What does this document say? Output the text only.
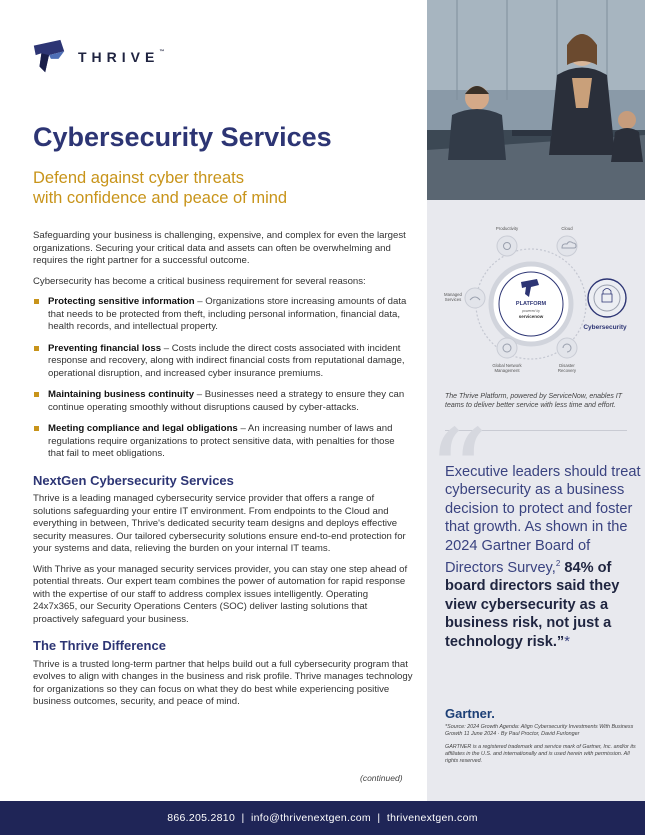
THRIVE™
Cybersecurity Services
Defend against cyber threats
with confidence and peace of mind

Safeguarding your business is challenging, expensive, and complex for even the largest organizations. Securing your critical data and assets can often be overwhelming and requires the right partner for a successful outcome.

Cybersecurity has become a critical business requirement for several reasons:

Protecting sensitive information – Organizations store increasing amounts of data that needs to be protected from theft, including personal information, financial data, health records, and intellectual property.
Preventing financial loss – Costs include the direct costs associated with incident response and recovery, along with indirect financial costs from reputational damage, operational disruption, and increased cyber insurance premiums.
Maintaining business continuity – Businesses need a strategy to ensure they can continue operating smoothly without disruptions caused by cyber-attacks.
Meeting compliance and legal obligations – An increasing number of laws and regulations require organizations to protect sensitive data, with penalties for those that fail to meet obligations.
NextGen Cybersecurity Services

Thrive is a leading managed cybersecurity service provider that offers a range of solutions safeguarding your entire IT environment. From endpoints to the Cloud and everything in between, Thrive's dedicated security team designs and deploys effective security measures. Our tailored cybersecurity solutions ensure end-to-end protection for your systems and data, relieving the burden on your internal IT teams.

With Thrive as your managed security services provider, you can stay one step ahead of potential threats. Our expert team combines the power of automation for rapid response with the expertise of our staff to address complex issues intelligently. Operating 24x7x365, our Security Operations Centers (SOC) deliver lasting solutions that proactively safeguard your business.

The Thrive Difference

Thrive is a trusted long-term partner that helps build out a full cybersecurity program that evolves to align with changes in the business and risk profile. Thrive manages technology for organizations so they can focus on what they do best while experiencing positive business outcomes, security, and peace of mind.

(continued)
PLATFORM
powered by
servicenow
Productivity	Cloud
Managed
Services
Cybersecurity
Global Network
Management
Disaster
Recovery
The Thrive Platform, powered by ServiceNow, enables IT teams to deliver better service with less time and effort.
“
Executive leaders should treat cybersecurity as a business decision to protect and foster that growth. As shown in the 2024 Gartner Board of Directors Survey,$^2$ 84% of board directors said they view cybersecurity as a business risk, not just a technology risk.”*
Gartner.
*Source: 2024 Growth Agenda: Align Cybersecurity Investments With Business Growth 11 June 2024 · By Paul Proctor, David Furlonger
GARTNER is a registered trademark and service mark of Gartner, Inc. and/or its affiliates in the U.S. and internationally and is used herein with permission. All rights reserved.
866.205.2810  |  info@thrivenextgen.com  |  thrivenextgen.com
